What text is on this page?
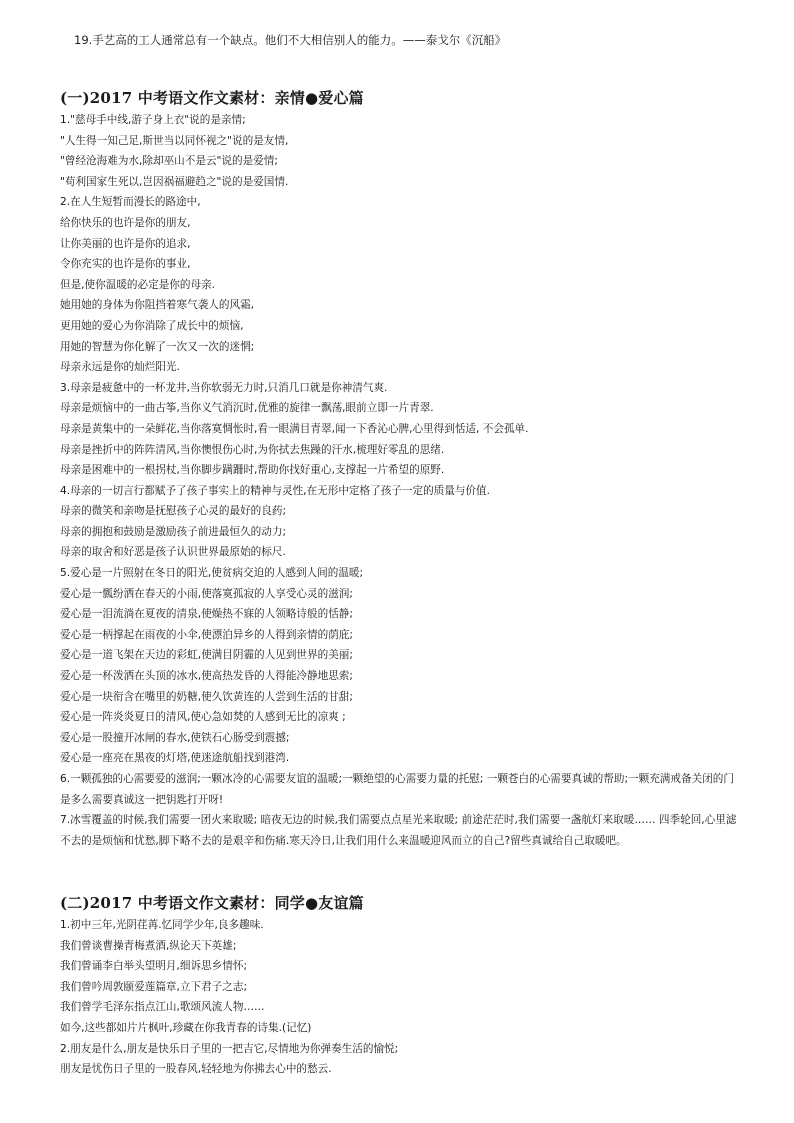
19.手艺高的工人通常总有一个缺点。他们不大相信别人的能力。——泰戈尔《沉船》
(一)2017 中考语文作文素材：亲情●爱心篇
1."慈母手中线,游子身上衣"说的是亲情;
"人生得一知己足,斯世当以同怀视之"说的是友情,
"曾经沧海难为水,除却巫山不是云"说的是爱情;
"苟利国家生死以,岂因祸福避趋之"说的是爱国情.
2.在人生短暂而漫长的路途中,
给你快乐的也许是你的朋友,
让你美丽的也许是你的追求,
令你充实的也许是你的事业,
但是,使你温暖的必定是你的母亲.
她用她的身体为你阻挡着寒气袭人的风霜,
更用她的爱心为你消除了成长中的烦恼,
用她的智慧为你化解了一次又一次的迷惘;
母亲永远是你的灿烂阳光.
3.母亲是疲惫中的一杯龙井,当你软弱无力时,只消几口就是你神清气爽.
母亲是烦恼中的一曲古筝,当你义气消沉时,优雅的旋律一飘荡,眼前立即一片青翠.
母亲是黄集中的一朵鲜花,当你落寞惆怅时,看一眼满目青翠,闻一下香沁心脾,心里得到恬适, 不会孤单.
母亲是挫折中的阵阵清风,当你懊恨伤心时,为你拭去焦躁的汗水,梳理好零乱的思绪.
母亲是困难中的一根拐杖,当你脚步蹒跚时,帮助你找好重心,支撑起一片希望的原野.
4.母亲的一切言行都赋予了孩子事实上的精神与灵性,在无形中定格了孩子一定的质量与价值.
母亲的微笑和亲吻是抚慰孩子心灵的最好的良药;
母亲的拥抱和鼓励是激励孩子前进最恒久的动力;
母亲的取舍和好恶是孩子认识世界最原始的标尺.
5.爱心是一片照射在冬日的阳光,使贫病交迫的人感到人间的温暖;
爱心是一瓢纷洒在春天的小雨,使落寞孤寂的人享受心灵的滋润;
爱心是一泪流淌在夏夜的清泉,使燥热不寐的人领略诗般的恬静;
爱心是一柄撑起在雨夜的小伞,使漂泊异乡的人得到亲情的荫庇;
爱心是一道飞架在天边的彩虹,使满目阴霾的人见到世界的美丽;
爱心是一杯泼洒在头顶的冰水,使高热发昏的人得能冷静地思索;
爱心是一块衔含在嘴里的奶糖,使久饮黄连的人尝到生活的甘甜;
爱心是一阵炎炎夏日的清风,使心急如焚的人感到无比的凉爽 ;
爱心是一股撞开冰闸的春水,使铁石心肠受到震撼;
爱心是一座亮在黑夜的灯塔,使迷途航船找到港湾.
6.一颗孤独的心需要爱的滋润;一颗冰冷的心需要友谊的温暖;一颗绝望的心需要力量的托慰; 一颗苍白的心需要真诚的帮助;一颗充满戒备关闭的门是多么需要真诚这一把钥匙打开呀!
7.冰雪覆盖的时候,我们需要一团火来取暖; 暗夜无边的时候,我们需要点点星光来取暖; 前途茫茫时,我们需要一盏航灯来取暖…… 四季轮回,心里滤不去的是烦恼和忧愁,脚下略不去的是艰辛和伤痛.寒天冷日,让我们用什么来温暖迎风而立的自己?留些真诚给自己取暖吧。
(二)2017 中考语文作文素材：同学●友谊篇
1.初中三年,光阴荏苒.忆同学少年,良多趣味.
我们曾谈曹操青梅煮酒,纵论天下英雄;
我们曾诵李白举头望明月,细诉思乡情怀;
我们曾吟周敦颐爱莲篇章,立下君子之志;
我们曾学毛泽东指点江山,歌颂风流人物……
如今,这些都如片片枫叶,珍藏在你我青春的诗集.(记忆)
2.朋友是什么,朋友是快乐日子里的一把吉它,尽情地为你弹奏生活的愉悦;
朋友是忧伤日子里的一股春风,轻轻地为你拂去心中的愁云.
